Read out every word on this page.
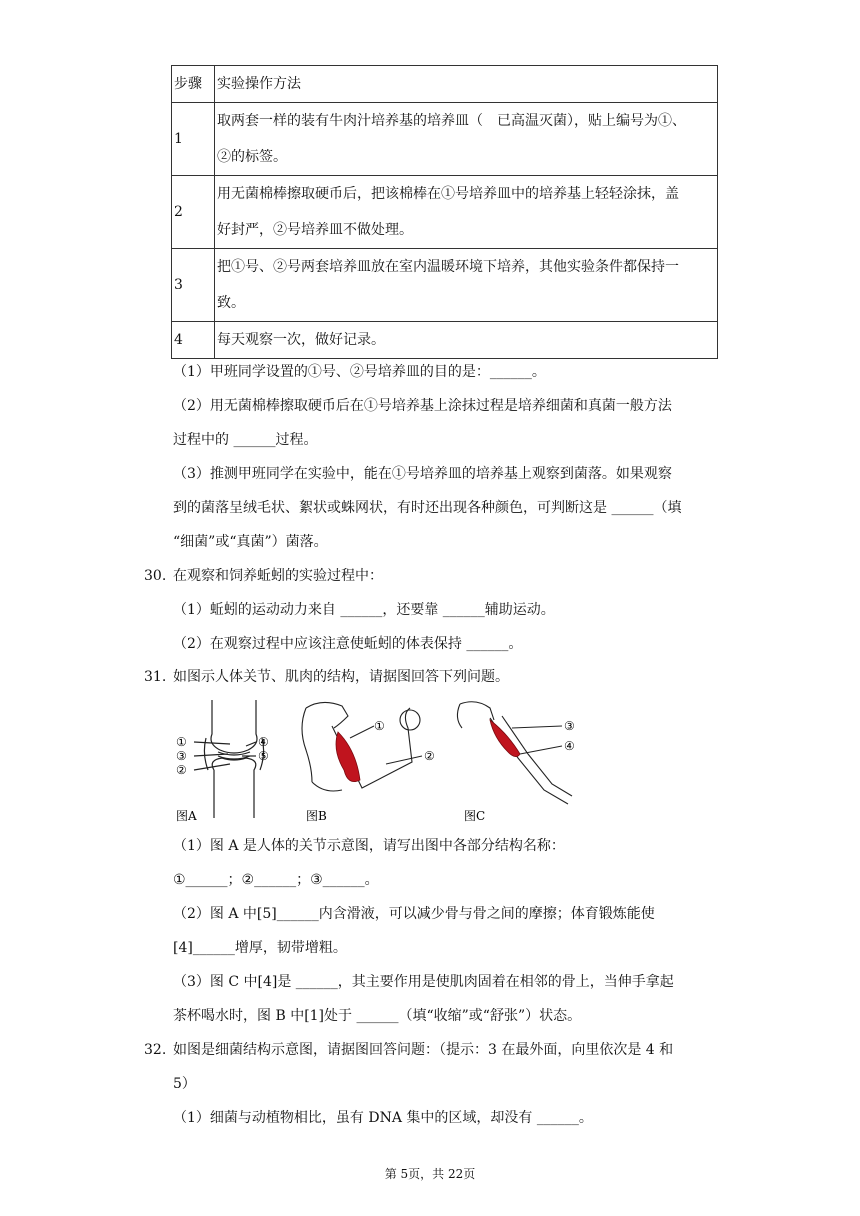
步骤	实验操作方法
1	取两套一样的装有牛肉汁培养基的培养皿（　已高温灭菌），贴上编号为①、
②的标签。

2	用无菌棉棒擦取硬币后，把该棉棒在①号培养皿中的培养基上轻轻涂抹，盖
好封严，②号培养皿不做处理。

3	把①号、②号两套培养皿放在室内温暖环境下培养，其他实验条件都保持一
致。

4	每天观察一次，做好记录。
（1）甲班同学设置的①号、②号培养皿的目的是：______。
（2）用无菌棉棒擦取硬币后在①号培养基上涂抹过程是培养细菌和真菌一般方法
过程中的 ______过程。
（3）推测甲班同学在实验中，能在①号培养皿的培养基上观察到菌落。如果观察
到的菌落呈绒毛状、絮状或蛛网状，有时还出现各种颜色，可判断这是 ______（填
“细菌”或“真菌”）菌落。
30. 在观察和饲养蚯蚓的实验过程中：
（1）蚯蚓的运动动力来自 ______，还要靠 ______辅助运动。
（2）在观察过程中应该注意使蚯蚓的体表保持 ______。
31. 如图示人体关节、肌肉的结构，请据图回答下列问题。
①
③
②
④
⑤
图A
①
②
图B
③
④
图C
（1）图 A 是人体的关节示意图，请写出图中各部分结构名称：
①______；②______；③______。
（2）图 A 中[5]______内含滑液，可以减少骨与骨之间的摩擦；体育锻炼能使
[4]______增厚，韧带增粗。
（3）图 C 中[4]是 ______，其主要作用是使肌肉固着在相邻的骨上，当伸手拿起
茶杯喝水时，图 B 中[1]处于 ______（填“收缩”或“舒张”）状态。
32. 如图是细菌结构示意图，请据图回答问题：（提示：3 在最外面，向里依次是 4 和
5）
（1）细菌与动植物相比，虽有 DNA 集中的区域，却没有 ______。
第 5页，共 22页
